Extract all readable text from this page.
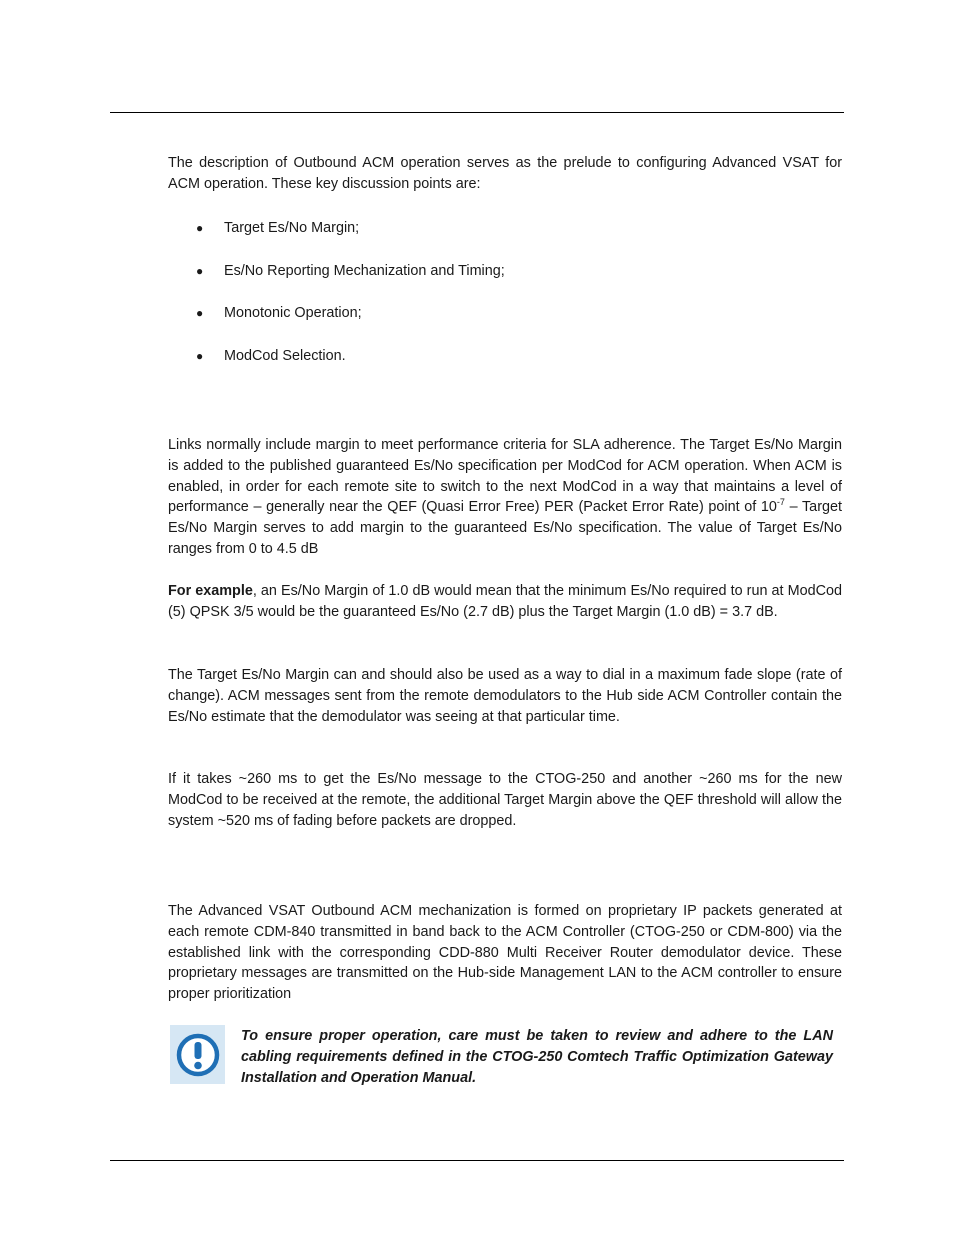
The description of Outbound ACM operation serves as the prelude to configuring Advanced VSAT for ACM operation. These key discussion points are:

● Target Es/No Margin;

● Es/No Reporting Mechanization and Timing;

● Monotonic Operation;

● ModCod Selection.

Links normally include margin to meet performance criteria for SLA adherence. The Target Es/No Margin is added to the published guaranteed Es/No specification per ModCod for ACM operation. When ACM is enabled, in order for each remote site to switch to the next ModCod in a way that maintains a level of performance – generally near the QEF (Quasi Error Free) PER (Packet Error Rate) point of $10^{-7}$ – Target Es/No Margin serves to add margin to the guaranteed Es/No specification. The value of Target Es/No ranges from 0 to 4.5 dB

For example, an Es/No Margin of 1.0 dB would mean that the minimum Es/No required to run at ModCod (5) QPSK 3/5 would be the guaranteed Es/No (2.7 dB) plus the Target Margin (1.0 dB) = 3.7 dB.

The Target Es/No Margin can and should also be used as a way to dial in a maximum fade slope (rate of change). ACM messages sent from the remote demodulators to the Hub side ACM Controller contain the Es/No estimate that the demodulator was seeing at that particular time.

If it takes ~260 ms to get the Es/No message to the CTOG-250 and another ~260 ms for the new ModCod to be received at the remote, the additional Target Margin above the QEF threshold will allow the system ~520 ms of fading before packets are dropped.

The Advanced VSAT Outbound ACM mechanization is formed on proprietary IP packets generated at each remote CDM-840 transmitted in band back to the ACM Controller (CTOG-250 or CDM-800) via the established link with the corresponding CDD-880 Multi Receiver Router demodulator device. These proprietary messages are transmitted on the Hub-side Management LAN to the ACM controller to ensure proper prioritization

To ensure proper operation, care must be taken to review and adhere to the LAN cabling requirements defined in the CTOG-250 Comtech Traffic Optimization Gateway Installation and Operation Manual.
